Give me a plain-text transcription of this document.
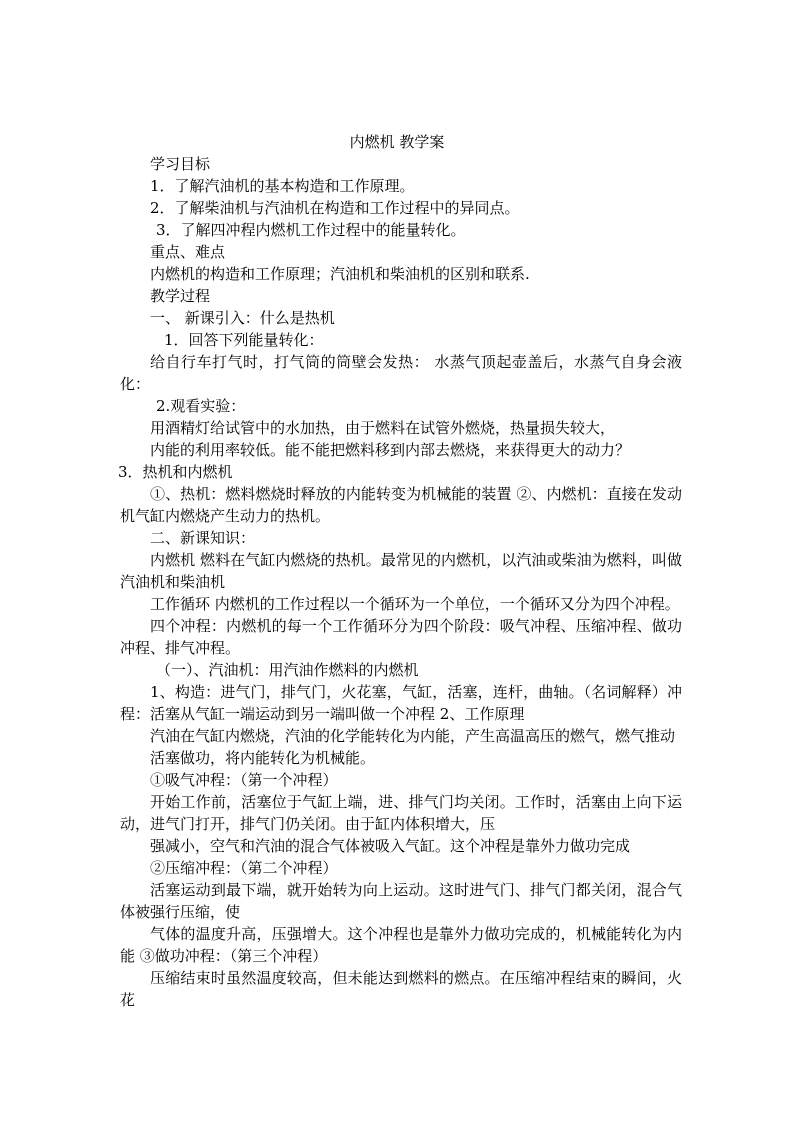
内燃机 教学案

学习目标

1．了解汽油机的基本构造和工作原理。

2．了解柴油机与汽油机在构造和工作过程中的异同点。

3．了解四冲程内燃机工作过程中的能量转化。

重点、难点

内燃机的构造和工作原理；汽油机和柴油机的区别和联系.

教学过程

一、 新课引入：什么是热机

1．回答下列能量转化：

给自行车打气时，打气筒的筒壁会发热： 水蒸气顶起壶盖后，水蒸气自身会液化：

2.观看实验：

用酒精灯给试管中的水加热，由于燃料在试管外燃烧，热量损失较大，

内能的利用率较低。能不能把燃料移到内部去燃烧，来获得更大的动力？

3．热机和内燃机

①、热机：燃料燃烧时释放的内能转变为机械能的装置 ②、内燃机：直接在发动机气缸内燃烧产生动力的热机。

二、新课知识：

内燃机 燃料在气缸内燃烧的热机。最常见的内燃机，以汽油或柴油为燃料，叫做汽油机和柴油机

工作循环 内燃机的工作过程以一个循环为一个单位，一个循环又分为四个冲程。

四个冲程：内燃机的每一个工作循环分为四个阶段：吸气冲程、压缩冲程、做功冲程、排气冲程。

（一）、汽油机：用汽油作燃料的内燃机

1、构造：进气门，排气门，火花塞，气缸，活塞，连杆，曲轴。（名词解释）冲程：活塞从气缸一端运动到另一端叫做一个冲程 2、工作原理

汽油在气缸内燃烧，汽油的化学能转化为内能，产生高温高压的燃气，燃气推动

活塞做功，将内能转化为机械能。

①吸气冲程：（第一个冲程）

开始工作前，活塞位于气缸上端，进、排气门均关闭。工作时，活塞由上向下运动，进气门打开，排气门仍关闭。由于缸内体积增大，压

强减小，空气和汽油的混合气体被吸入气缸。这个冲程是靠外力做功完成

②压缩冲程：（第二个冲程）

活塞运动到最下端，就开始转为向上运动。这时进气门、排气门都关闭，混合气体被强行压缩，使

气体的温度升高，压强增大。这个冲程也是靠外力做功完成的，机械能转化为内能 ③做功冲程：（第三个冲程）

压缩结束时虽然温度较高，但未能达到燃料的燃点。在压缩冲程结束的瞬间，火花
